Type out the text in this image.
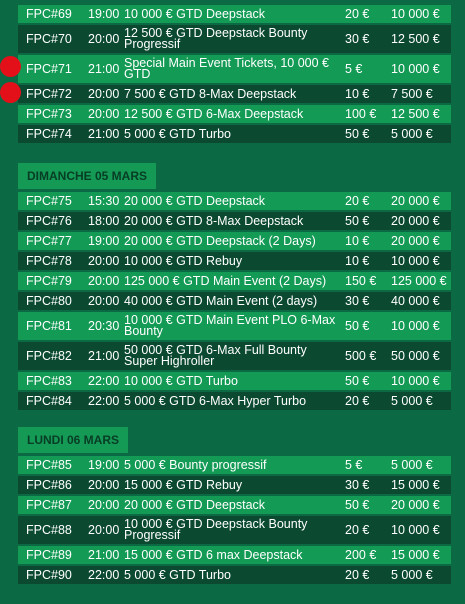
DIMANCHE 05 MARS
LUNDI 06 MARS
FPC#69	19:00	10 000 € GTD Deepstack	20 €	10 000 €
FPC#70	20:00	12 500 € GTD Deepstack Bounty Progressif	30 €	12 500 €
FPC#71	21:00	Special Main Event Tickets, 10 000 € GTD	5 €	10 000 €
FPC#72	20:00	7 500 € GTD 8-Max Deepstack	10 €	7 500 €
FPC#73	20:00	12 500 € GTD 6-Max Deepstack	100 €	12 500 €
FPC#74	21:00	5 000 € GTD Turbo	50 €	5 000 €
FPC#75	15:30	20 000 € GTD Deepstack	20 €	20 000 €
FPC#76	18:00	20 000 € GTD 8-Max Deepstack	50 €	20 000 €
FPC#77	19:00	20 000 € GTD Deepstack (2 Days)	10 €	20 000 €
FPC#78	20:00	10 000 € GTD Rebuy	10 €	10 000 €
FPC#79	20:00	125 000 € GTD Main Event (2 Days)	150 €	125 000 €
FPC#80	20:00	40 000 € GTD Main Event (2 days)	30 €	40 000 €
FPC#81	20:30	10 000 € GTD Main Event PLO 6-Max Bounty	50 €	10 000 €
FPC#82	21:00	50 000 € GTD 6-Max Full Bounty Super Highroller	500 €	50 000 €
FPC#83	22:00	10 000 € GTD Turbo	50 €	10 000 €
FPC#84	22:00	5 000 € GTD 6-Max Hyper Turbo	20 €	5 000 €
FPC#85	19:00	5 000 € Bounty progressif	5 €	5 000 €
FPC#86	20:00	15 000 € GTD Rebuy	30 €	15 000 €
FPC#87	20:00	20 000 € GTD Deepstack	50 €	20 000 €
FPC#88	20:00	10 000 € GTD Deepstack Bounty Progressif	20 €	10 000 €
FPC#89	21:00	15 000 € GTD 6 max Deepstack	200 €	15 000 €
FPC#90	22:00	5 000 € GTD Turbo	20 €	5 000 €
